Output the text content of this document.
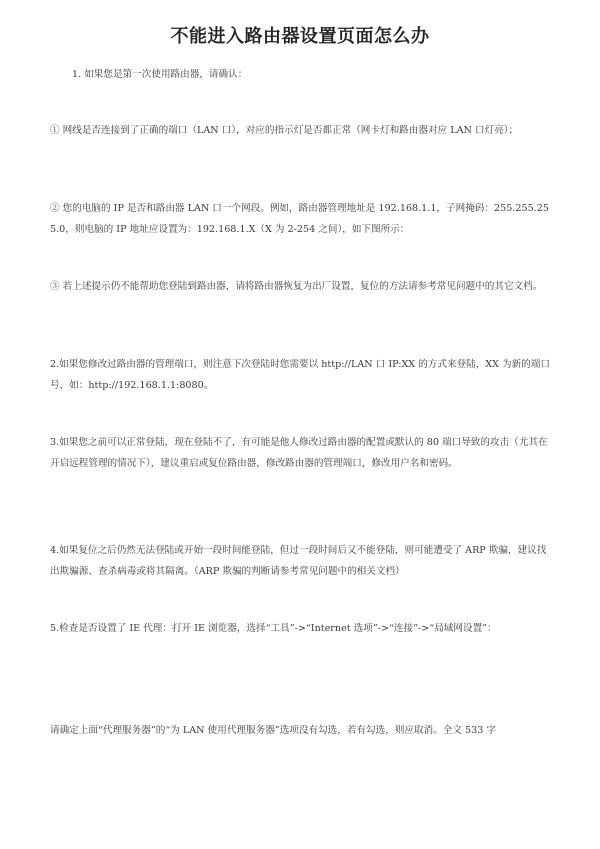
不能进入路由器设置页面怎么办

1. 如果您是第一次使用路由器，请确认：

① 网线是否连接到了正确的端口（LAN 口），对应的指示灯是否都正常（网卡灯和路由器对应 LAN 口灯亮）；

② 您的电脑的 IP 是否和路由器 LAN 口一个网段。例如，路由器管理地址是 192.168.1.1，子网掩码：255.255.255.0，则电脑的 IP 地址应设置为：192.168.1.X（X 为 2-254 之间），如下图所示：

③ 若上述提示仍不能帮助您登陆到路由器，请将路由器恢复为出厂设置，复位的方法请参考常见问题中的其它文档。

2.如果您修改过路由器的管理端口，则注意下次登陆时您需要以 http://LAN 口 IP:XX 的方式来登陆，XX 为新的端口号，如：http://192.168.1.1:8080。

3.如果您之前可以正常登陆，现在登陆不了，有可能是他人修改过路由器的配置或默认的 80 端口导致的攻击（尤其在开启远程管理的情况下），建议重启或复位路由器，修改路由器的管理端口，修改用户名和密码。

4.如果复位之后仍然无法登陆或开始一段时间能登陆，但过一段时间后又不能登陆，则可能遭受了 ARP 欺骗，建议找出欺骗源、查杀病毒或将其隔离。（ARP 欺骗的判断请参考常见问题中的相关文档）

5.检查是否设置了 IE 代理：打开 IE 浏览器，选择“工具”->“Internet 选项”->“连接”->“局域网设置”：

请确定上面“代理服务器”的“为 LAN 使用代理服务器”选项没有勾选，若有勾选，则应取消。全文 533 字
